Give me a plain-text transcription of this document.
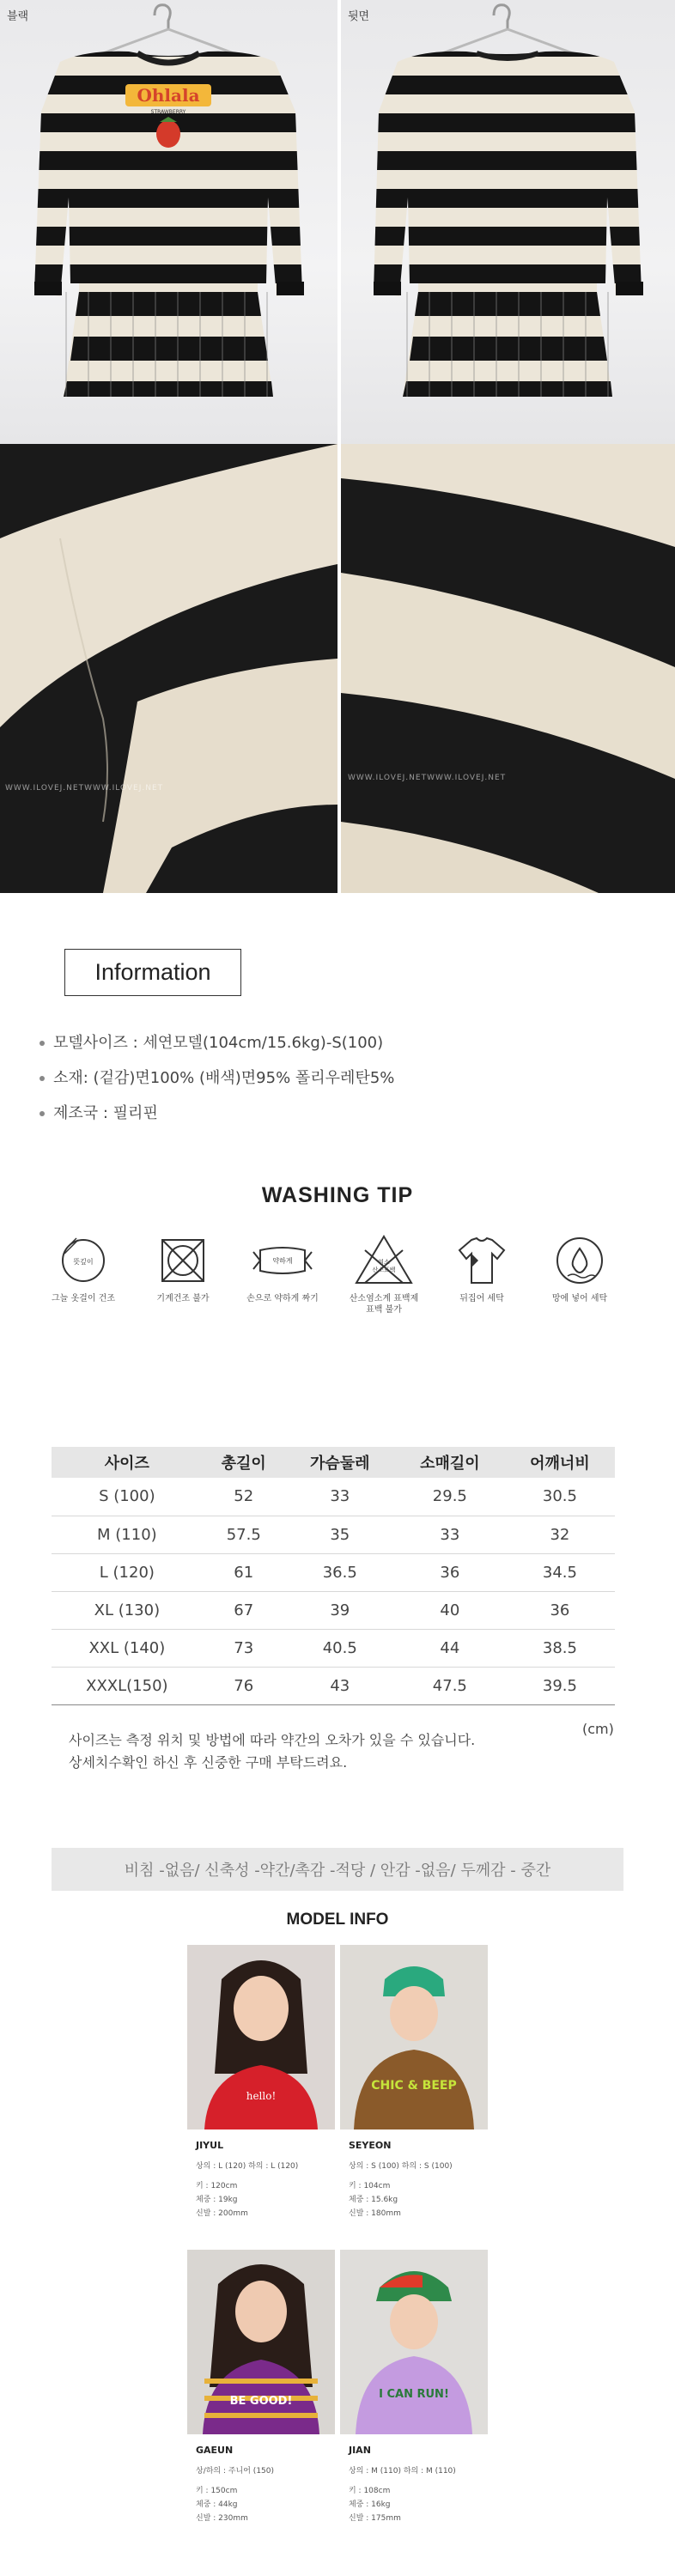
Ohlala
STRAWBERRY
블랙	뒷면
WWW.ILOVEJ.NETWWW.ILOVEJ.NET
WWW.ILOVEJ.NETWWW.ILOVEJ.NET
Information
모델사이즈 : 세연모델(104cm/15.6kg)-S(100)
소재: (겉감)면100% (배색)면95% 폴리우레탄5%
제조국 : 필리핀
WASHING TIP
뜻깊이
그늘 옷걸이 건조	기계건조 불가
약하게
손으로 약하게 짜기
염소
산소표백
산소염소계 표백제
표백 불가
뒤집어 세탁	망에 넣어 세탁
사이즈	총길이	가슴둘레	소매길이	어깨너비
S (100)	52	33	29.5	30.5
M (110)	57.5	35	33	32
L (120)	61	36.5	36	34.5
XL (130)	67	39	40	36
XXL (140)	73	40.5	44	38.5
XXXL(150)	76	43	47.5	39.5
(cm)
사이즈는 측정 위치 및 방법에 따라 약간의 오차가 있을 수 있습니다.
상세치수확인 하신 후 신중한 구매 부탁드려요.
비침 -없음/ 신축성 -약간/촉감 -적당 / 안감 -없음/ 두께감 - 중간
MODEL INFO
hello!
JIYUL
상의 : L (120) 하의 : L (120)
키 : 120cm
체중 : 19kg
신발 : 200mm
CHIC & BEEP
SEYEON
상의 : S (100) 하의 : S (100)
키 : 104cm
체중 : 15.6kg
신발 : 180mm
BE GOOD!
GAEUN
상/하의 : 주니어 (150)
키 : 150cm
체중 : 44kg
신발 : 230mm
I CAN RUN!
JIAN
상의 : M (110) 하의 : M (110)
키 : 108cm
체중 : 16kg
신발 : 175mm
